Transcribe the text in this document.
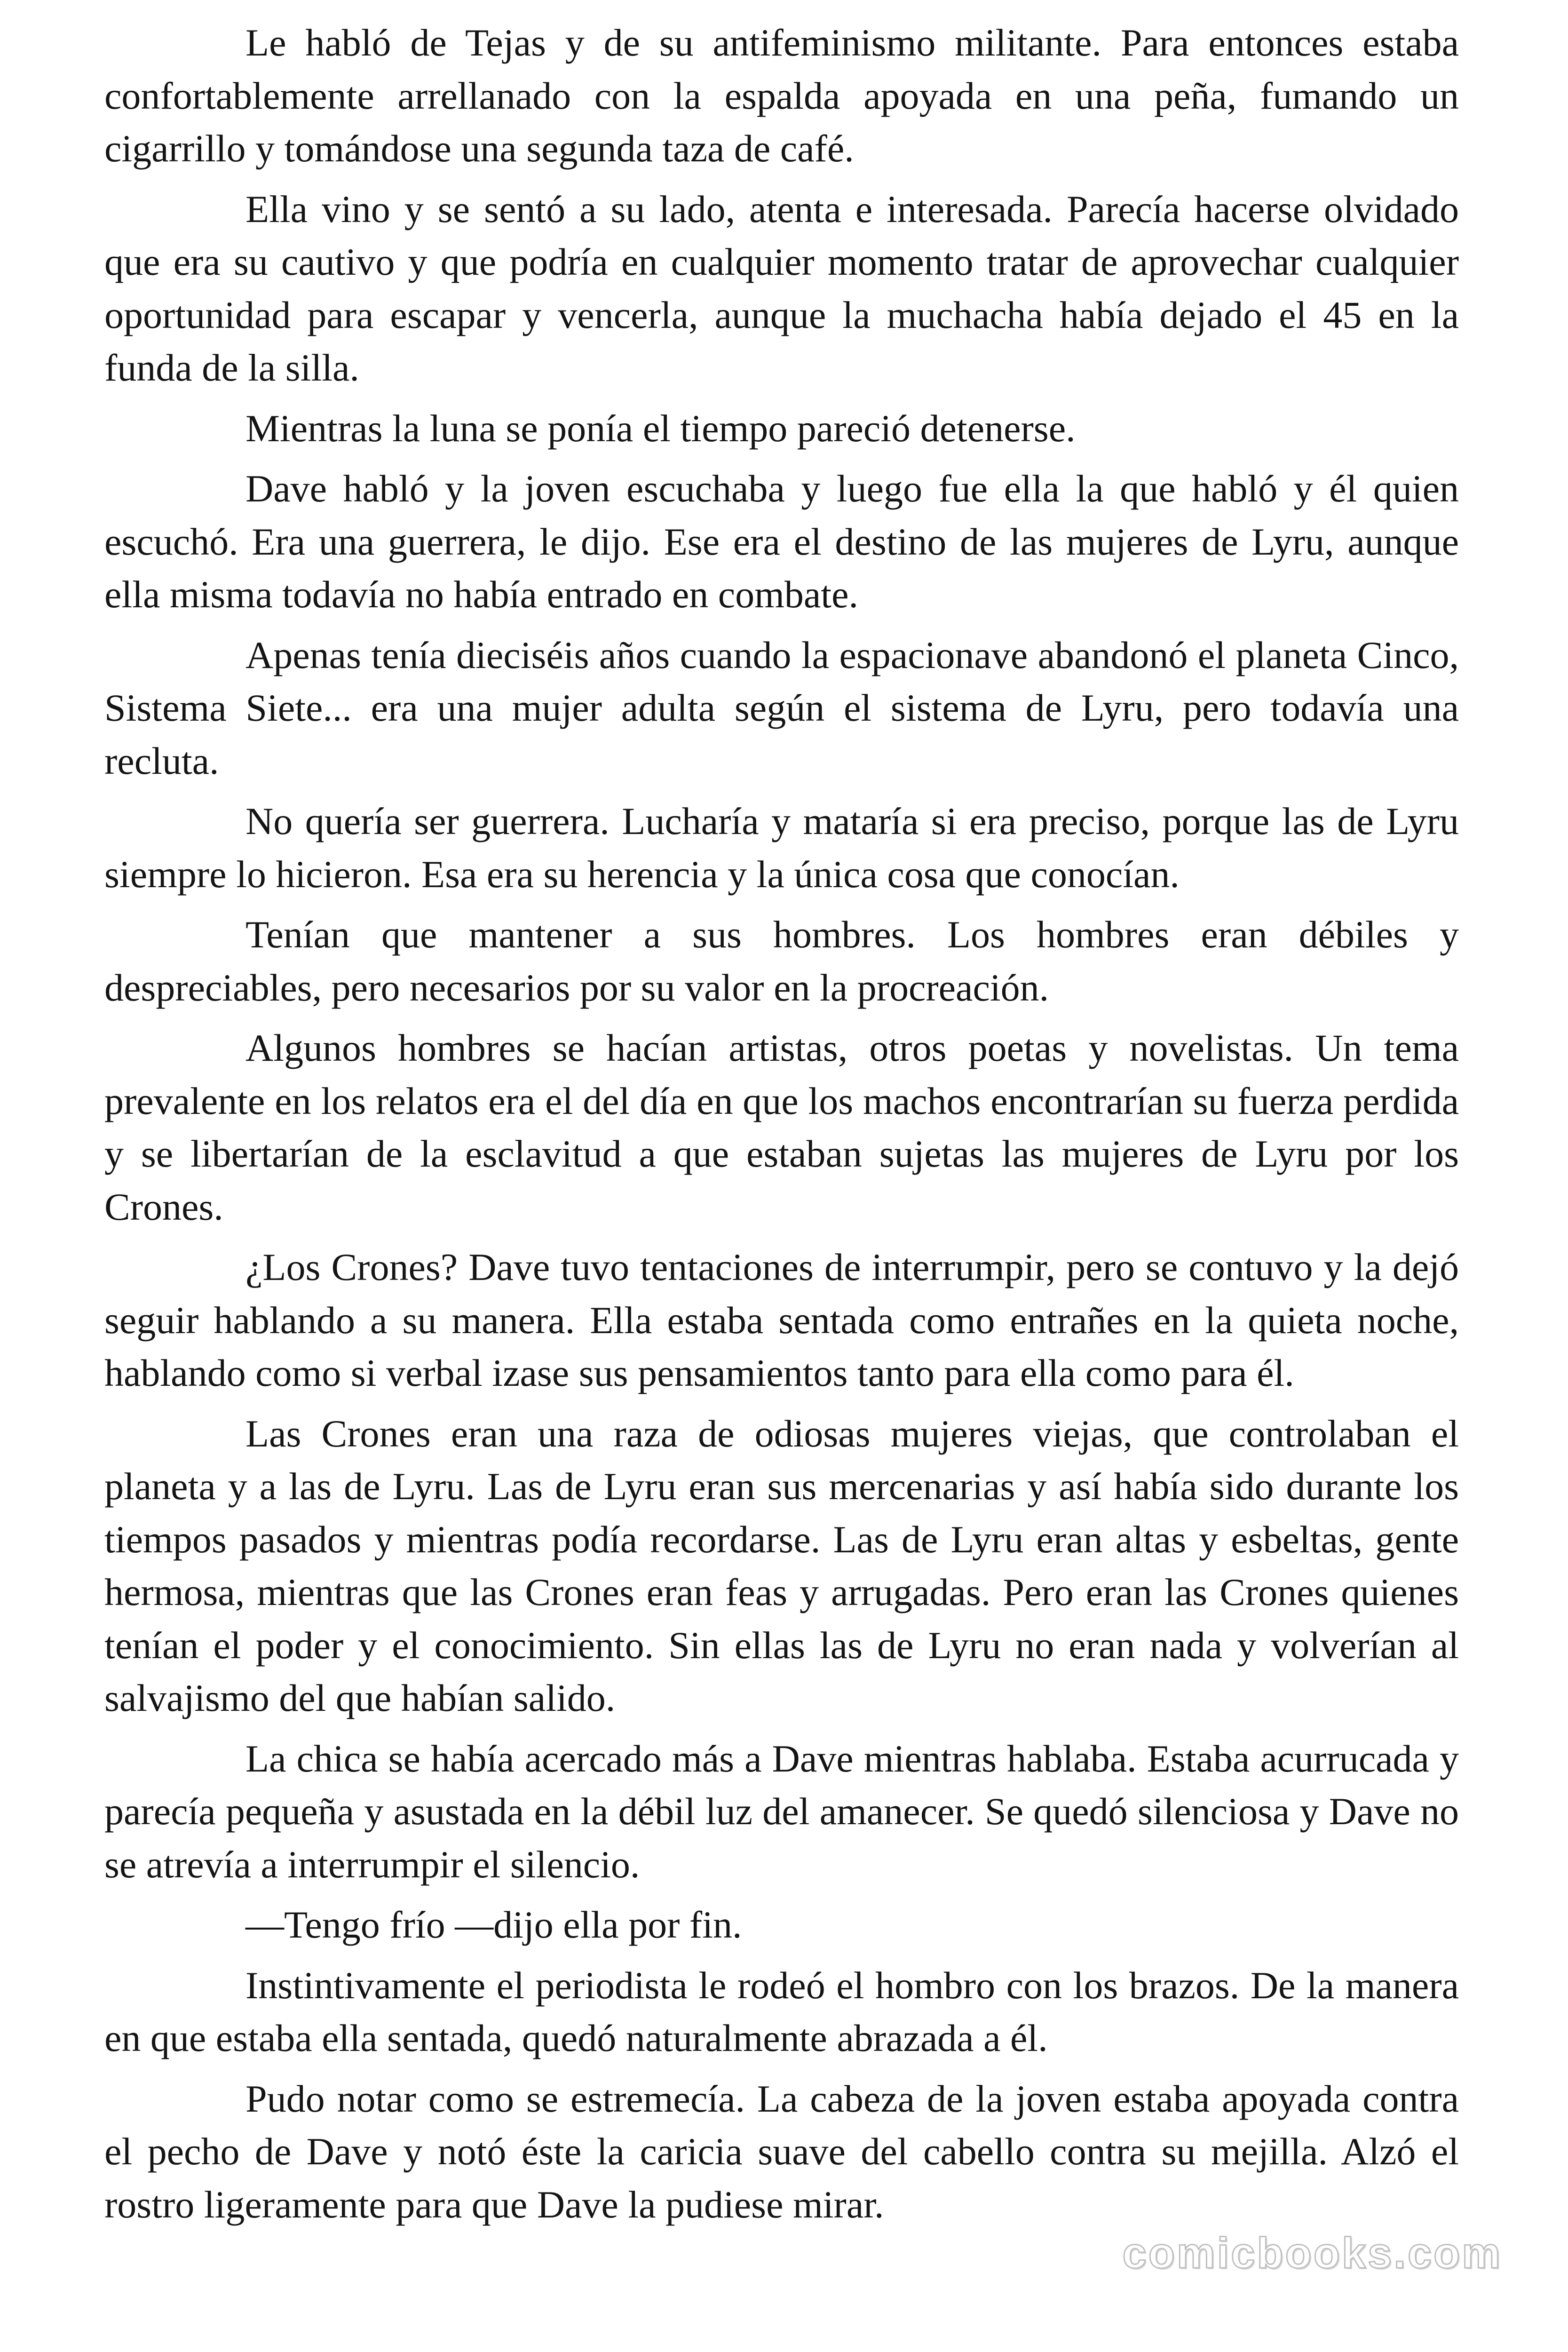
Le habló de Tejas y de su antifeminismo militante. Para entonces estaba confortablemente arrellanado con la espalda apoyada en una peña, fumando un cigarrillo y tomándose una segunda taza de café.

Ella vino y se sentó a su lado, atenta e interesada. Parecía hacerse olvidado que era su cautivo y que podría en cualquier momento tratar de aprovechar cualquier oportunidad para escapar y vencerla, aunque la muchacha había dejado el 45 en la funda de la silla.

Mientras la luna se ponía el tiempo pareció detenerse.

Dave habló y la joven escuchaba y luego fue ella la que habló y él quien escuchó. Era una guerrera, le dijo. Ese era el destino de las mujeres de Lyru, aunque ella misma todavía no había entrado en combate.

Apenas tenía dieciséis años cuando la espacionave abandonó el planeta Cinco, Sistema Siete... era una mujer adulta según el sistema de Lyru, pero todavía una recluta.

No quería ser guerrera. Lucharía y mataría si era preciso, porque las de Lyru siempre lo hicieron. Esa era su herencia y la única cosa que conocían.

Tenían que mantener a sus hombres. Los hombres eran débiles y despreciables, pero necesarios por su valor en la procreación.

Algunos hombres se hacían artistas, otros poetas y novelistas. Un tema prevalente en los relatos era el del día en que los machos encontrarían su fuerza perdida y se libertarían de la esclavitud a que estaban sujetas las mujeres de Lyru por los Crones.

¿Los Crones? Dave tuvo tentaciones de interrumpir, pero se contuvo y la dejó seguir hablando a su manera. Ella estaba sentada como entrañes en la quieta noche, hablando como si verbal izase sus pensamientos tanto para ella como para él.

Las Crones eran una raza de odiosas mujeres viejas, que controlaban el planeta y a las de Lyru. Las de Lyru eran sus mercenarias y así había sido durante los tiempos pasados y mientras podía recordarse. Las de Lyru eran altas y esbeltas, gente hermosa, mientras que las Crones eran feas y arrugadas. Pero eran las Crones quienes tenían el poder y el conocimiento. Sin ellas las de Lyru no eran nada y volverían al salvajismo del que habían salido.

La chica se había acercado más a Dave mientras hablaba. Estaba acurrucada y parecía pequeña y asustada en la débil luz del amanecer. Se quedó silenciosa y Dave no se atrevía a interrumpir el silencio.

—Tengo frío —dijo ella por fin.

Instintivamente el periodista le rodeó el hombro con los brazos. De la manera en que estaba ella sentada, quedó naturalmente abrazada a él.

Pudo notar como se estremecía. La cabeza de la joven estaba apoyada contra el pecho de Dave y notó éste la caricia suave del cabello contra su mejilla. Alzó el rostro ligeramente para que Dave la pudiese mirar.

comicbooks.com
